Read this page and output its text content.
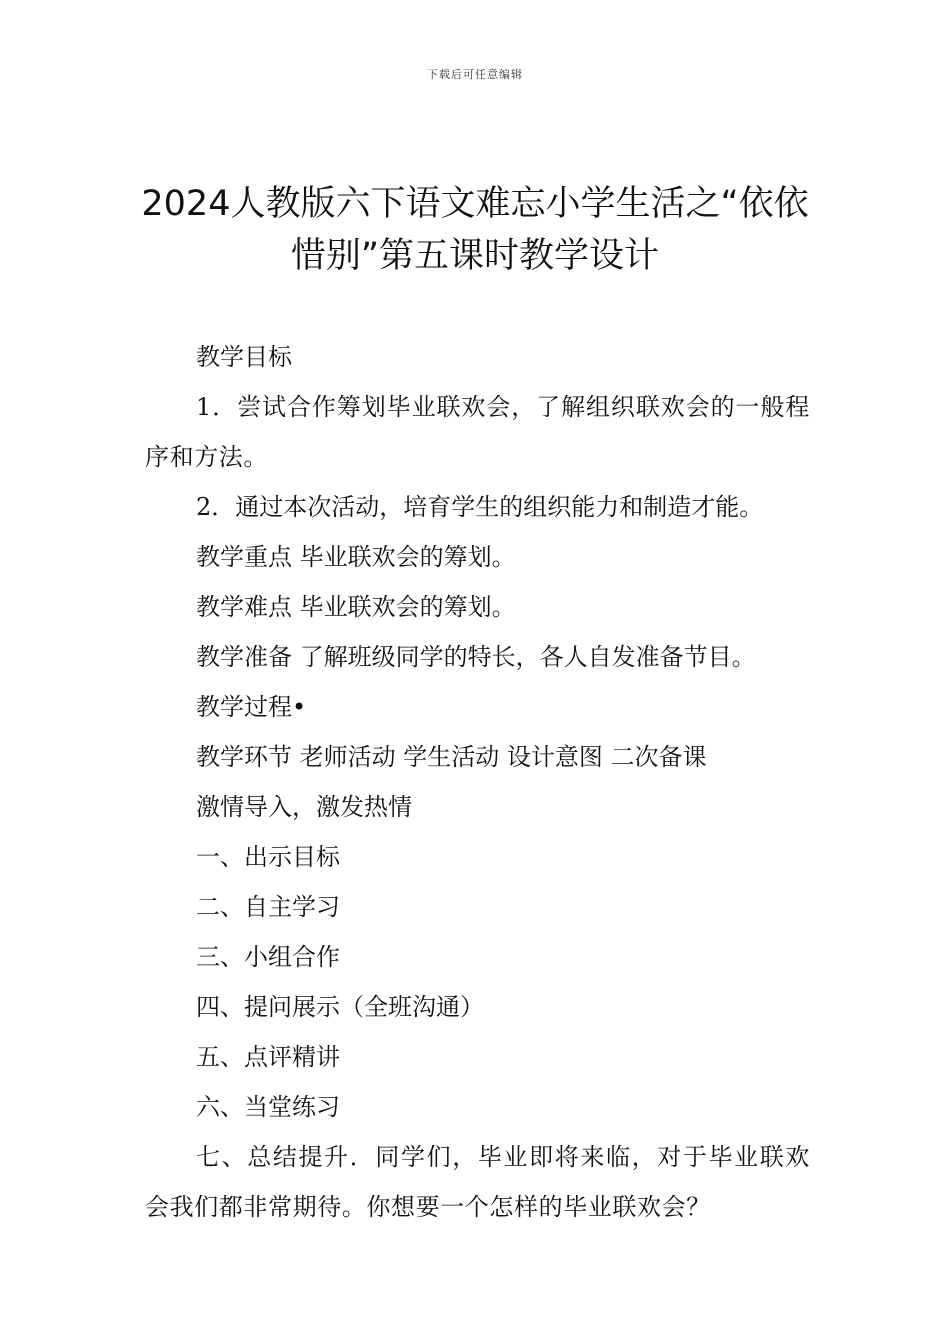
下载后可任意编辑
2024人教版六下语文难忘小学生活之“依依惜别”第五课时教学设计

教学目标

1．尝试合作筹划毕业联欢会，了解组织联欢会的一般程序和方法。

2．通过本次活动，培育学生的组织能力和制造才能。

教学重点 毕业联欢会的筹划。

教学难点 毕业联欢会的筹划。

教学准备 了解班级同学的特长，各人自发准备节目。

教学过程•

教学环节 老师活动 学生活动 设计意图 二次备课

激情导入，激发热情

一、出示目标

二、自主学习

三、小组合作

四、提问展示（全班沟通）

五、点评精讲

六、当堂练习

七、总结提升．同学们，毕业即将来临，对于毕业联欢会我们都非常期待。你想要一个怎样的毕业联欢会？
